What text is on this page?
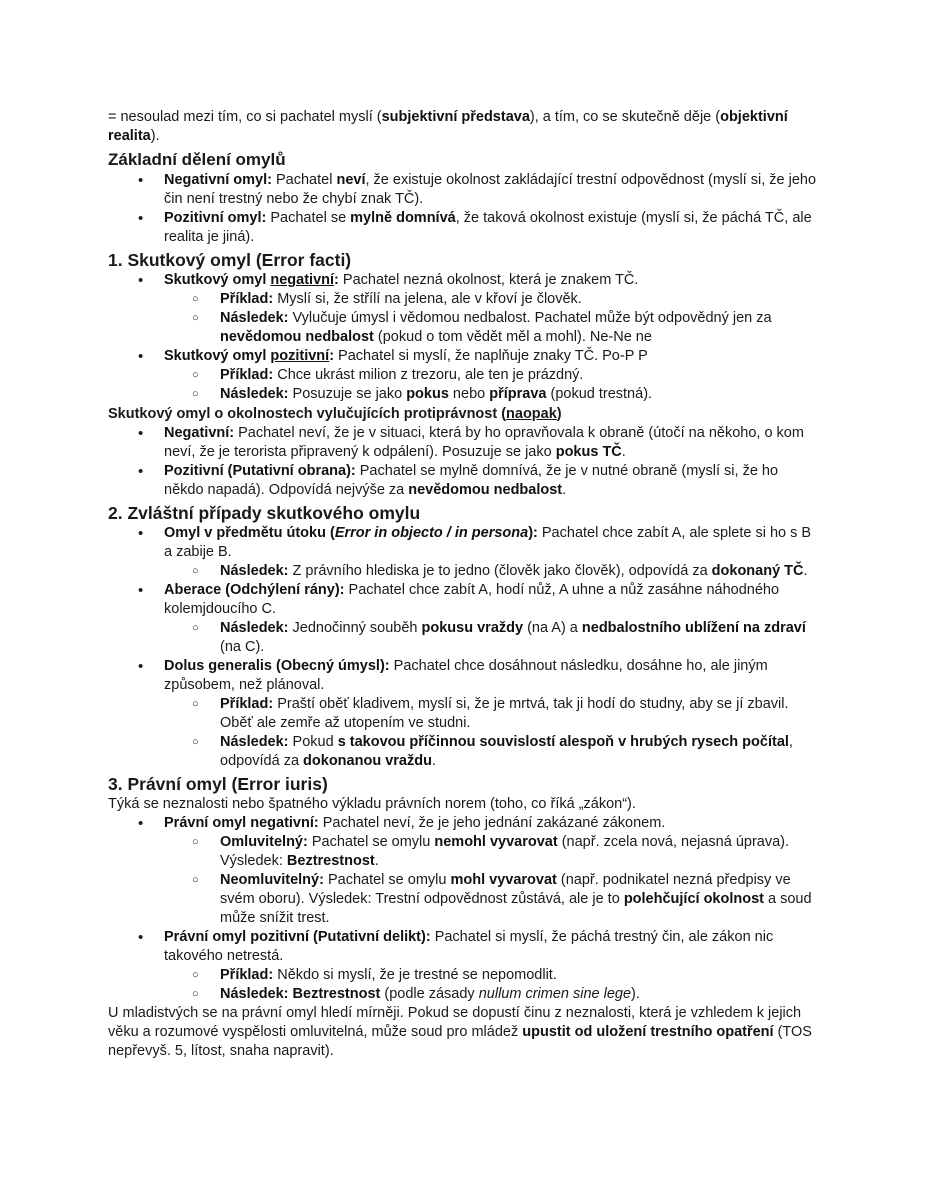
= nesoulad mezi tím, co si pachatel myslí (subjektivní představa), a tím, co se skutečně děje (objektivní realita).

Základní dělení omylů
• Negativní omyl: Pachatel neví, že existuje okolnost zakládající trestní odpovědnost (myslí si, že jeho čin není trestný nebo že chybí znak TČ).
• Pozitivní omyl: Pachatel se mylně domnívá, že taková okolnost existuje (myslí si, že páchá TČ, ale realita je jiná).
1. Skutkový omyl (Error facti)
• Skutkový omyl negativní: Pachatel nezná okolnost, která je znakem TČ.
○ Příklad: Myslí si, že střílí na jelena, ale v křoví je člověk.
○ Následek: Vylučuje úmysl i vědomou nedbalost. Pachatel může být odpovědný jen za nevědomou nedbalost (pokud o tom vědět měl a mohl). Ne-Ne ne
• Skutkový omyl pozitivní: Pachatel si myslí, že naplňuje znaky TČ. Po-P P
○ Příklad: Chce ukrást milion z trezoru, ale ten je prázdný.
○ Následek: Posuzuje se jako pokus nebo příprava (pokud trestná).
Skutkový omyl o okolnostech vylučujících protiprávnost (naopak)
• Negativní: Pachatel neví, že je v situaci, která by ho opravňovala k obraně (útočí na někoho, o kom neví, že je terorista připravený k odpálení). Posuzuje se jako pokus TČ.
• Pozitivní (Putativní obrana): Pachatel se mylně domnívá, že je v nutné obraně (myslí si, že ho někdo napadá). Odpovídá nejvýše za nevědomou nedbalost.
2. Zvláštní případy skutkového omylu
• Omyl v předmětu útoku (Error in objecto / in persona): Pachatel chce zabít A, ale splete si ho s B a zabije B.
○ Následek: Z právního hlediska je to jedno (člověk jako člověk), odpovídá za dokonaný TČ.
• Aberace (Odchýlení rány): Pachatel chce zabít A, hodí nůž, A uhne a nůž zasáhne náhodného kolemjdoucího C.
○ Následek: Jednočinný souběh pokusu vraždy (na A) a nedbalostního ublížení na zdraví (na C).
• Dolus generalis (Obecný úmysl): Pachatel chce dosáhnout následku, dosáhne ho, ale jiným způsobem, než plánoval.
○ Příklad: Praští oběť kladivem, myslí si, že je mrtvá, tak ji hodí do studny, aby se jí zbavil. Oběť ale zemře až utopením ve studni.
○ Následek: Pokud s takovou příčinnou souvislostí alespoň v hrubých rysech počítal, odpovídá za dokonanou vraždu.
3. Právní omyl (Error iuris)

Týká se neznalosti nebo špatného výkladu právních norem (toho, co říká „zákon“).

• Právní omyl negativní: Pachatel neví, že je jeho jednání zakázané zákonem.
○ Omluvitelný: Pachatel se omylu nemohl vyvarovat (např. zcela nová, nejasná úprava). Výsledek: Beztrestnost.
○ Neomluvitelný: Pachatel se omylu mohl vyvarovat (např. podnikatel nezná předpisy ve svém oboru). Výsledek: Trestní odpovědnost zůstává, ale je to polehčující okolnost a soud může snížit trest.
• Právní omyl pozitivní (Putativní delikt): Pachatel si myslí, že páchá trestný čin, ale zákon nic takového netrestá.
○ Příklad: Někdo si myslí, že je trestné se nepomodlit.
○ Následek: Beztrestnost (podle zásady nullum crimen sine lege).

U mladistvých se na právní omyl hledí mírněji. Pokud se dopustí činu z neznalosti, která je vzhledem k jejich věku a rozumové vyspělosti omluvitelná, může soud pro mládež upustit od uložení trestního opatření (TOS nepřevyš. 5, lítost, snaha napravit).
